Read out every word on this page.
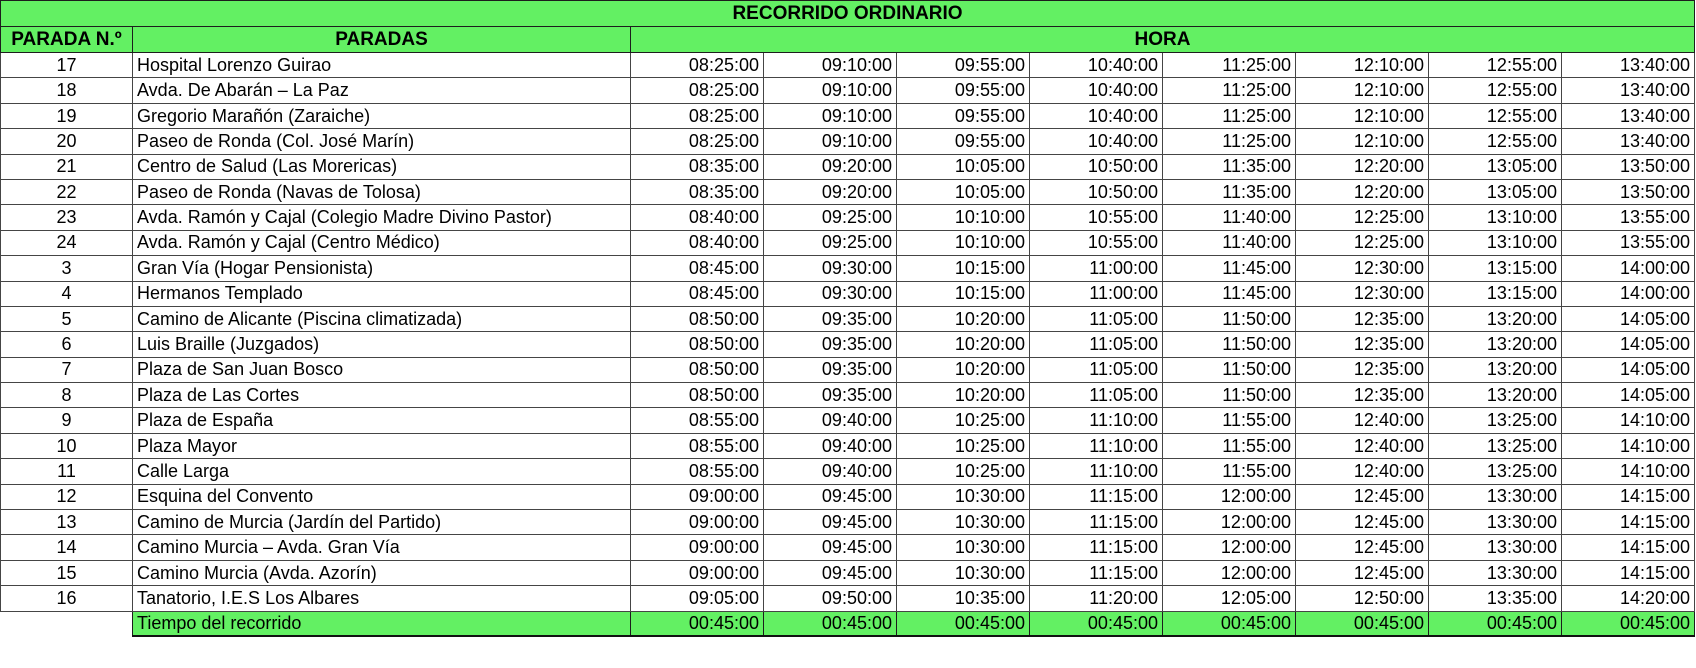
RECORRIDO ORDINARIO									
PARADA N.º	PARADAS	HORA							
17	Hospital Lorenzo Guirao	08:25:00	09:10:00	09:55:00	10:40:00	11:25:00	12:10:00	12:55:00	13:40:00
18	Avda. De Abarán – La Paz	08:25:00	09:10:00	09:55:00	10:40:00	11:25:00	12:10:00	12:55:00	13:40:00
19	Gregorio Marañón (Zaraiche)	08:25:00	09:10:00	09:55:00	10:40:00	11:25:00	12:10:00	12:55:00	13:40:00
20	Paseo de Ronda (Col. José Marín)	08:25:00	09:10:00	09:55:00	10:40:00	11:25:00	12:10:00	12:55:00	13:40:00
21	Centro de Salud (Las Morericas)	08:35:00	09:20:00	10:05:00	10:50:00	11:35:00	12:20:00	13:05:00	13:50:00
22	Paseo de Ronda (Navas de Tolosa)	08:35:00	09:20:00	10:05:00	10:50:00	11:35:00	12:20:00	13:05:00	13:50:00
23	Avda. Ramón y Cajal (Colegio Madre Divino Pastor)	08:40:00	09:25:00	10:10:00	10:55:00	11:40:00	12:25:00	13:10:00	13:55:00
24	Avda. Ramón y Cajal (Centro Médico)	08:40:00	09:25:00	10:10:00	10:55:00	11:40:00	12:25:00	13:10:00	13:55:00
3	Gran Vía (Hogar Pensionista)	08:45:00	09:30:00	10:15:00	11:00:00	11:45:00	12:30:00	13:15:00	14:00:00
4	Hermanos Templado	08:45:00	09:30:00	10:15:00	11:00:00	11:45:00	12:30:00	13:15:00	14:00:00
5	Camino de Alicante (Piscina climatizada)	08:50:00	09:35:00	10:20:00	11:05:00	11:50:00	12:35:00	13:20:00	14:05:00
6	Luis Braille (Juzgados)	08:50:00	09:35:00	10:20:00	11:05:00	11:50:00	12:35:00	13:20:00	14:05:00
7	Plaza de San Juan Bosco	08:50:00	09:35:00	10:20:00	11:05:00	11:50:00	12:35:00	13:20:00	14:05:00
8	Plaza de Las Cortes	08:50:00	09:35:00	10:20:00	11:05:00	11:50:00	12:35:00	13:20:00	14:05:00
9	Plaza de España	08:55:00	09:40:00	10:25:00	11:10:00	11:55:00	12:40:00	13:25:00	14:10:00
10	Plaza Mayor	08:55:00	09:40:00	10:25:00	11:10:00	11:55:00	12:40:00	13:25:00	14:10:00
11	Calle Larga	08:55:00	09:40:00	10:25:00	11:10:00	11:55:00	12:40:00	13:25:00	14:10:00
12	Esquina del Convento	09:00:00	09:45:00	10:30:00	11:15:00	12:00:00	12:45:00	13:30:00	14:15:00
13	Camino de Murcia (Jardín del Partido)	09:00:00	09:45:00	10:30:00	11:15:00	12:00:00	12:45:00	13:30:00	14:15:00
14	Camino Murcia – Avda. Gran Vía	09:00:00	09:45:00	10:30:00	11:15:00	12:00:00	12:45:00	13:30:00	14:15:00
15	Camino Murcia (Avda. Azorín)	09:00:00	09:45:00	10:30:00	11:15:00	12:00:00	12:45:00	13:30:00	14:15:00
16	Tanatorio, I.E.S Los Albares	09:05:00	09:50:00	10:35:00	11:20:00	12:05:00	12:50:00	13:35:00	14:20:00
	Tiempo del recorrido	00:45:00	00:45:00	00:45:00	00:45:00	00:45:00	00:45:00	00:45:00	00:45:00
